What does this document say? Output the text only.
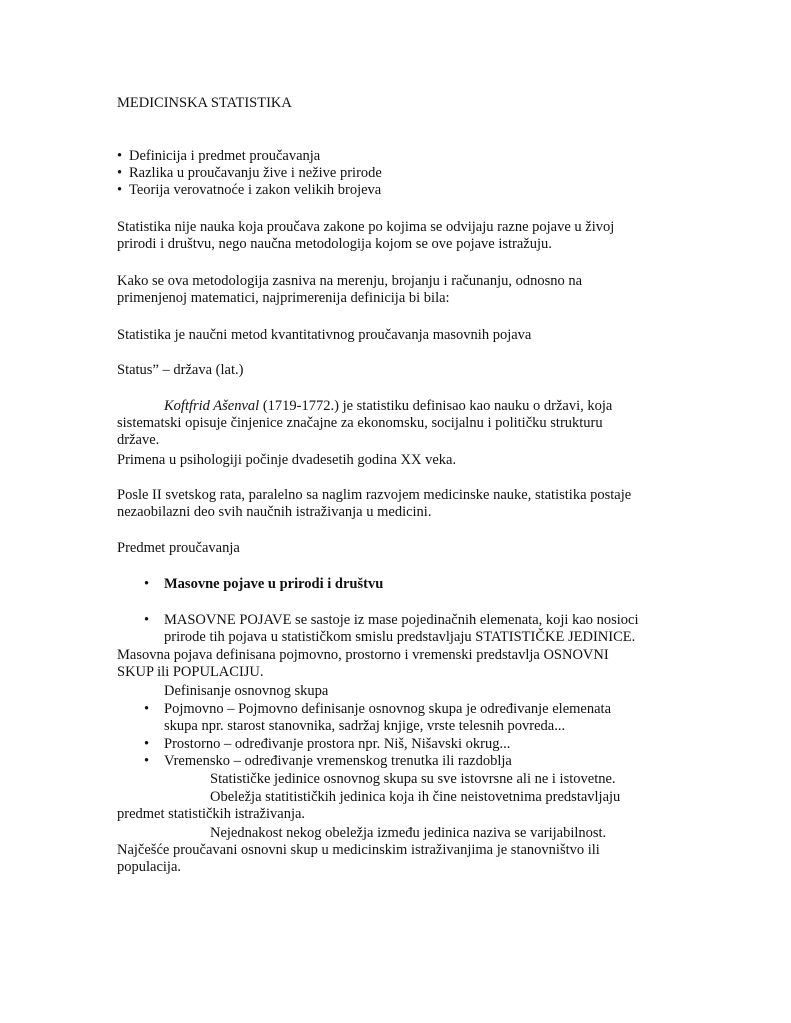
MEDICINSKA STATISTIKA
• Definicija i predmet proučavanja
• Razlika u proučavanju žive i nežive prirode
• Teorija verovatnoće i zakon velikih brojeva
Statistika nije nauka koja proučava zakone po kojima se odvijaju razne pojave u živoj
prirodi i društvu, nego naučna metodologija kojom se ove pojave istražuju.
Kako se ova metodologija zasniva na merenju, brojanju i računanju, odnosno na
primenjenoj matematici, najprimerenija definicija bi bila:
Statistika je naučni metod kvantitativnog proučavanja masovnih pojava
Status” – država (lat.)
Koftfrid Ašenval (1719-1772.) je statistiku definisao kao nauku o državi, koja
sistematski opisuje činjenice značajne za ekonomsku, socijalnu i političku strukturu
države.
Primena u psihologiji počinje dvadesetih godina XX veka.
Posle II svetskog rata, paralelno sa naglim razvojem medicinske nauke, statistika postaje
nezaobilazni deo svih naučnih istraživanja u medicini.
Predmet proučavanja
• Masovne pojave u prirodi i društvu
• MASOVNE POJAVE se sastoje iz mase pojedinačnih elemenata, koji kao nosioci
prirode tih pojava u statističkom smislu predstavljaju STATISTIČKE JEDINICE.
Masovna pojava definisana pojmovno, prostorno i vremenski predstavlja OSNOVNI
SKUP ili POPULACIJU.
Definisanje osnovnog skupa
• Pojmovno – Pojmovno definisanje osnovnog skupa je određivanje elemenata
skupa npr. starost stanovnika, sadržaj knjige, vrste telesnih povreda...
• Prostorno – određivanje prostora npr. Niš, Nišavski okrug...
• Vremensko – određivanje vremenskog trenutka ili razdoblja
Statističke jedinice osnovnog skupa su sve istovrsne ali ne i istovetne.
Obeležja statitističkih jedinica koja ih čine neistovetnima predstavljaju
predmet statističkih istraživanja.
Nejednakost nekog obeležja između jedinica naziva se varijabilnost.
Najčešće proučavani osnovni skup u medicinskim istraživanjima je stanovništvo ili
populacija.
